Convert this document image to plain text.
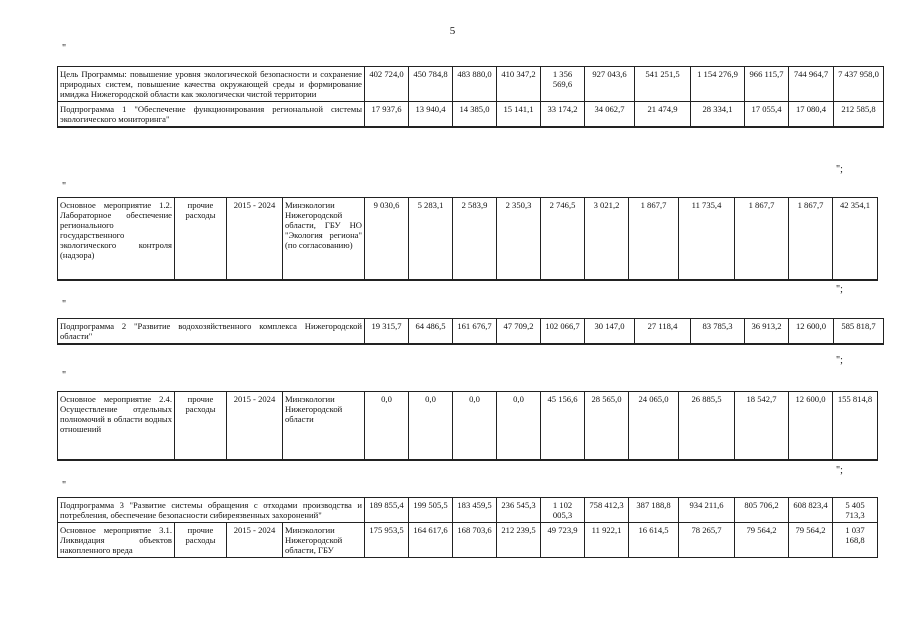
5
"
Цель Программы: повышение уровня экологической безопасности и сохранение природных систем, повышение качества окружающей среды и формирование имиджа Нижегородской области как экологически чистой территории	402 724,0	450 784,8	483 880,0	410 347,2	1 356 569,6	927 043,6	541 251,5	1 154 276,9	966 115,7	744 964,7	7 437 958,0
Подпрограмма 1 "Обеспечение функционирования региональной системы экологического мониторинга"	17 937,6	13 940,4	14 385,0	15 141,1	33 174,2	34 062,7	21 474,9	28 334,1	17 055,4	17 080,4	212 585,8
";
"
Основное мероприятие 1.2. Лабораторное обеспечение регионального государственного экологического контроля (надзора)	прочие расходы	2015 - 2024	Минэкологии Нижегородской области, ГБУ НО "Экология региона" (по согласованию)	9 030,6	5 283,1	2 583,9	2 350,3	2 746,5	3 021,2	1 867,7	11 735,4	1 867,7	1 867,7	42 354,1
";
"
Подпрограмма 2 "Развитие водохозяйственного комплекса Нижегородской области"	19 315,7	64 486,5	161 676,7	47 709,2	102 066,7	30 147,0	27 118,4	83 785,3	36 913,2	12 600,0	585 818,7
";
"
Основное мероприятие 2.4. Осуществление отдельных полномочий в области водных отношений	прочие расходы	2015 - 2024	Минэкологии Нижегородской области	0,0	0,0	0,0	0,0	45 156,6	28 565,0	24 065,0	26 885,5	18 542,7	12 600,0	155 814,8
";
"
Подпрограмма 3 "Развитие системы обращения с отходами производства и потребления, обеспечение безопасности сибиреязвенных захоронений"				189 855,4	199 505,5	183 459,5	236 545,3	1 102 005,3	758 412,3	387 188,8	934 211,6	805 706,2	608 823,4	5 405 713,3
Основное мероприятие 3.1. Ликвидация объектов накопленного вреда	прочие расходы	2015 - 2024	Минэкологии Нижегородской области, ГБУ	175 953,5	164 617,6	168 703,6	212 239,5	49 723,9	11 922,1	16 614,5	78 265,7	79 564,2	79 564,2	1 037 168,8
